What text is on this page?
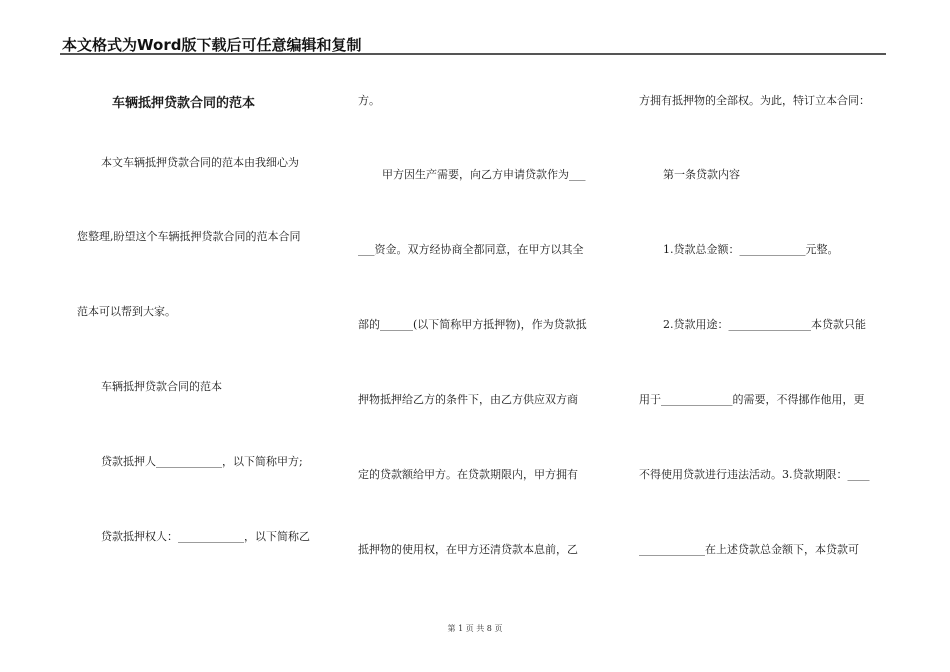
本文格式为Word版下载后可任意编辑和复制
车辆抵押贷款合同的范本
本文车辆抵押贷款合同的范本由我细心为
您整理,盼望这个车辆抵押贷款合同的范本合同
范本可以帮到大家。
车辆抵押贷款合同的范本
贷款抵押人____________，以下简称甲方;
贷款抵押权人：____________，以下简称乙
方。
甲方因生产需要，向乙方申请贷款作为___
___资金。双方经协商全都同意，在甲方以其全
部的______(以下简称甲方抵押物)，作为贷款抵
押物抵押给乙方的条件下，由乙方供应双方商
定的贷款额给甲方。在贷款期限内，甲方拥有
抵押物的使用权，在甲方还清贷款本息前，乙
方拥有抵押物的全部权。为此，特订立本合同：
第一条贷款内容
1.贷款总金额：____________元整。
2.贷款用途：_______________本贷款只能
用于_____________的需要，不得挪作他用，更
不得使用贷款进行违法活动。3.贷款期限：____
____________在上述贷款总金额下，本贷款可
第 1 页 共 8 页
